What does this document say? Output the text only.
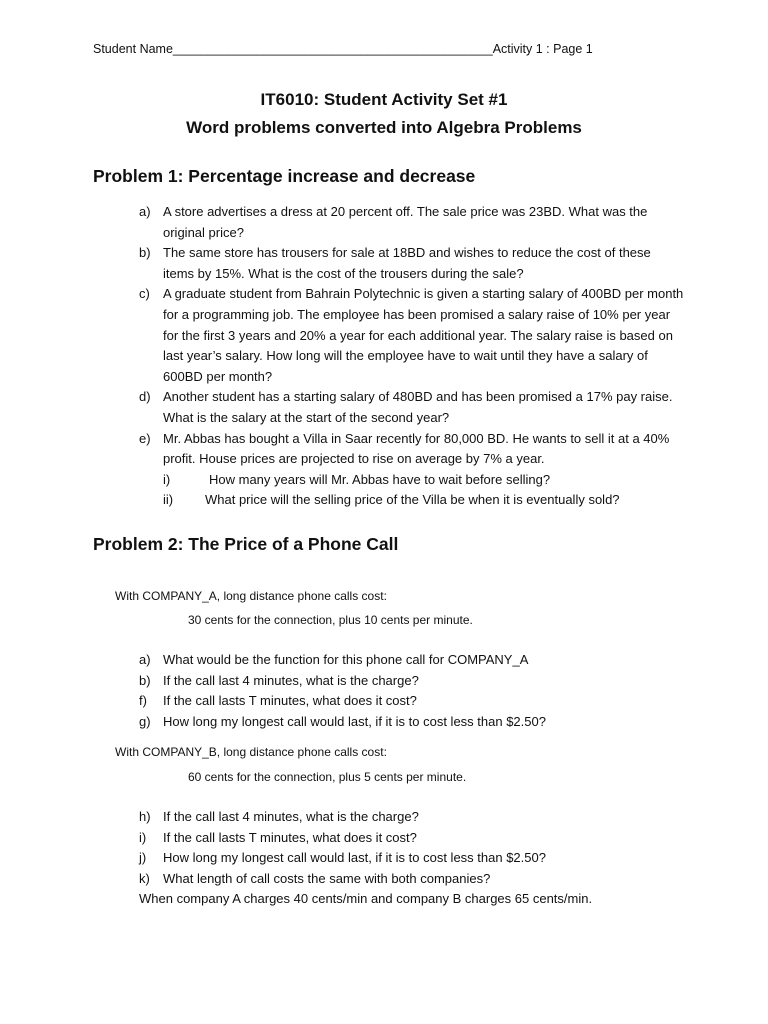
Student Name______________________________________________Activity 1 : Page 1
IT6010: Student Activity Set #1
Word problems converted into Algebra Problems
Problem 1: Percentage increase and decrease
a) A store advertises a dress at 20 percent off. The sale price was 23BD. What was the original price?
b) The same store has trousers for sale at 18BD and wishes to reduce the cost of these items by 15%. What is the cost of the trousers during the sale?
c) A graduate student from Bahrain Polytechnic is given a starting salary of 400BD per month for a programming job. The employee has been promised a salary raise of 10% per year for the first 3 years and 20% a year for each additional year. The salary raise is based on last year’s salary. How long will the employee have to wait until they have a salary of 600BD per month?
d) Another student has a starting salary of 480BD and has been promised a 17% pay raise. What is the salary at the start of the second year?
e) Mr. Abbas has bought a Villa in Saar recently for 80,000 BD. He wants to sell it at a 40% profit. House prices are projected to rise on average by 7% a year.
i)	How many years will Mr. Abbas have to wait before selling?
ii) What price will the selling price of the Villa be when it is eventually sold?
Problem 2: The Price of a Phone Call
With COMPANY_A, long distance phone calls cost:
30 cents for the connection, plus 10 cents per minute.
a) What would be the function for this phone call for COMPANY_A
b) If the call last 4 minutes, what is the charge?
f) If the call lasts T minutes, what does it cost?
g) How long my longest call would last, if it is to cost less than $2.50?
With COMPANY_B, long distance phone calls cost:
60 cents for the connection, plus 5 cents per minute.
h) If the call last 4 minutes, what is the charge?
i) If the call lasts T minutes, what does it cost?
j) How long my longest call would last, if it is to cost less than $2.50?
k) What length of call costs the same with both companies?
When company A charges 40 cents/min and company B charges 65 cents/min.
